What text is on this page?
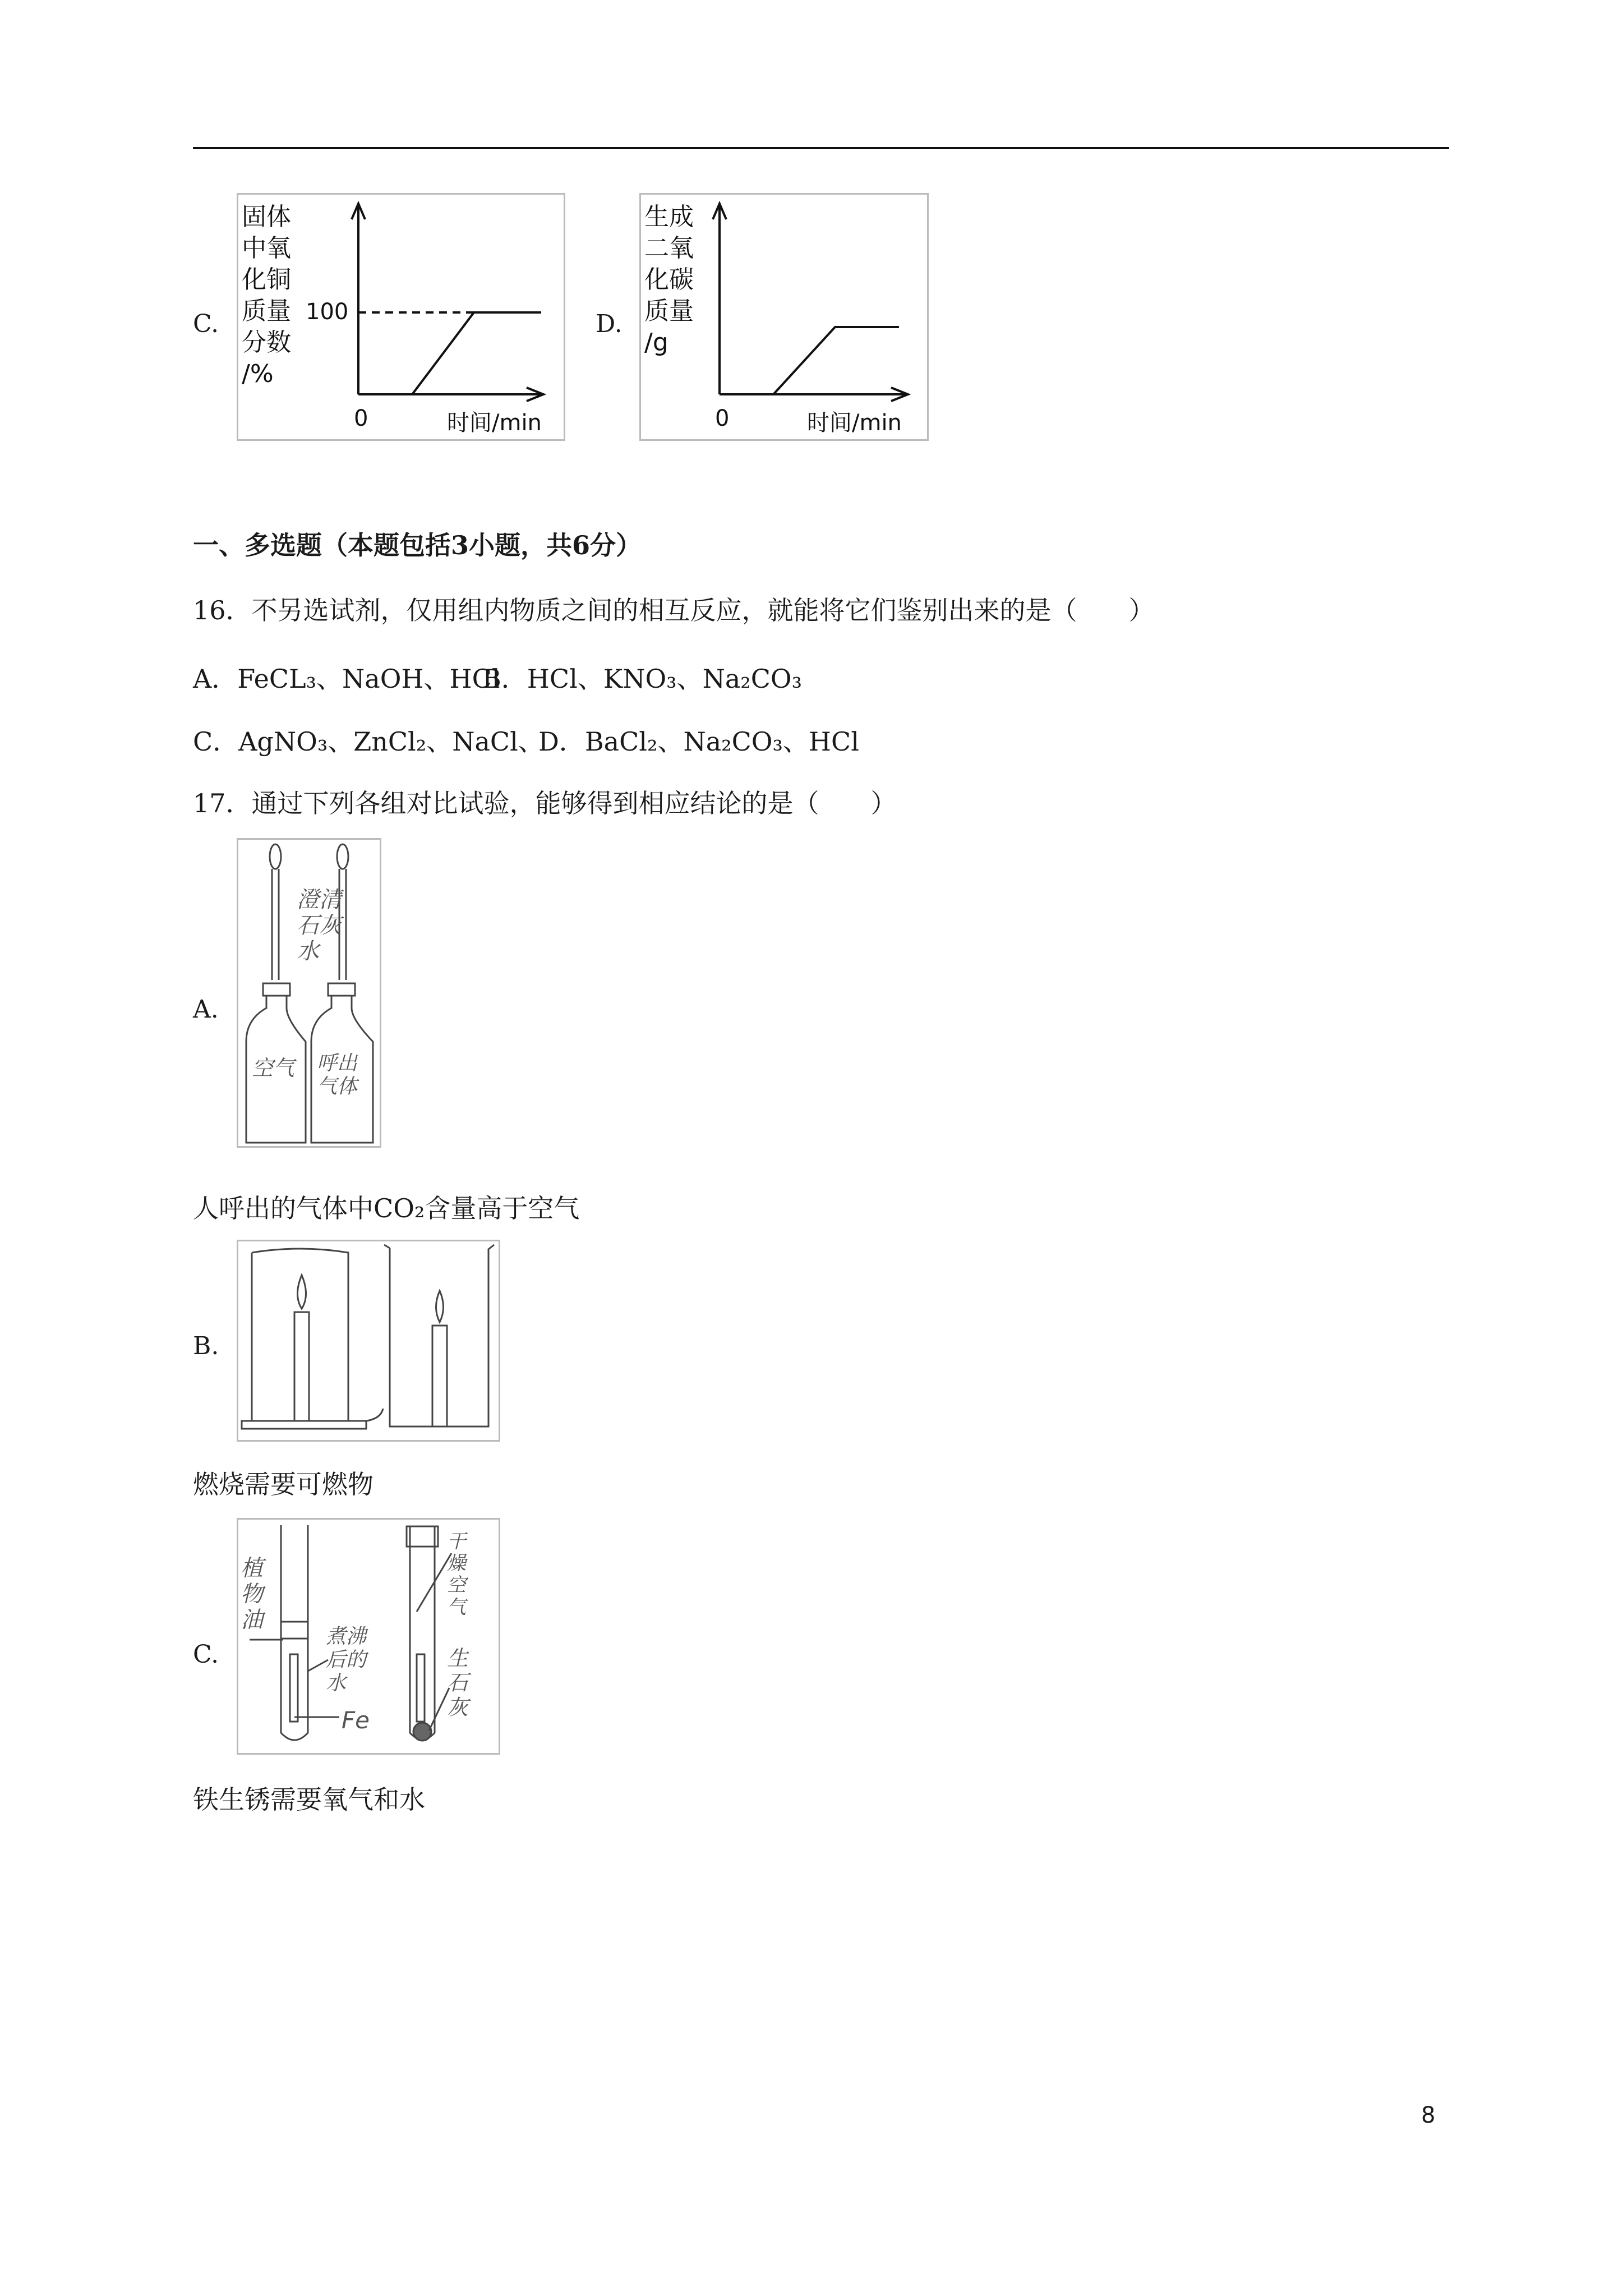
C.
固体
中氧
化铜
质量
分数
/%
100
0	时间/min
D.
生成
二氧
化碳
质量
/g
0	时间/min
一、多选题（本题包括3小题，共6分）
16．不另选试剂，仅用组内物质之间的相互反应，就能将它们鉴别出来的是（　　）
A．FeCL₃、NaOH、HCl
B．HCl、KNO₃、Na₂CO₃
C．AgNO₃、ZnCl₂、NaCl、
D．BaCl₂、Na₂CO₃、HCl
17．通过下列各组对比试验，能够得到相应结论的是（　　）
A.
澄清石灰水
空气 呼出气体
人呼出的气体中CO₂含量高于空气
B.
燃烧需要可燃物
C.
植物油
煮沸后的水
Fe
干燥空气
生石灰
铁生锈需要氧气和水
8
